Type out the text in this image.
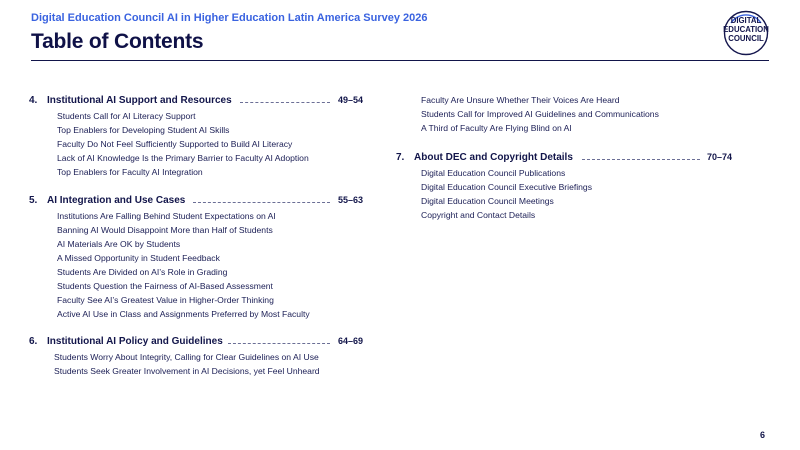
Digital Education Council AI in Higher Education Latin America Survey 2026
Table of Contents
DIGITAL
EDUCATION
COUNCIL
4. Institutional AI Support and Resources	49–54
Students Call for AI Literacy Support
Top Enablers for Developing Student AI Skills
Faculty Do Not Feel Sufficiently Supported to Build AI Literacy
Lack of AI Knowledge Is the Primary Barrier to Faculty AI Adoption
Top Enablers for Faculty AI Integration
5. AI Integration and Use Cases	55–63
Institutions Are Falling Behind Student Expectations on AI
Banning AI Would Disappoint More than Half of Students
AI Materials Are OK by Students
A Missed Opportunity in Student Feedback
Students Are Divided on AI’s Role in Grading
Students Question the Fairness of AI-Based Assessment
Faculty See AI’s Greatest Value in Higher-Order Thinking
Active AI Use in Class and Assignments Preferred by Most Faculty
6. Institutional AI Policy and Guidelines	64–69
Students Worry About Integrity, Calling for Clear Guidelines on AI Use
Students Seek Greater Involvement in AI Decisions, yet Feel Unheard
Faculty Are Unsure Whether Their Voices Are Heard
Students Call for Improved AI Guidelines and Communications
A Third of Faculty Are Flying Blind on AI
7. About DEC and Copyright Details	70–74
Digital Education Council Publications
Digital Education Council Executive Briefings
Digital Education Council Meetings
Copyright and Contact Details
6
